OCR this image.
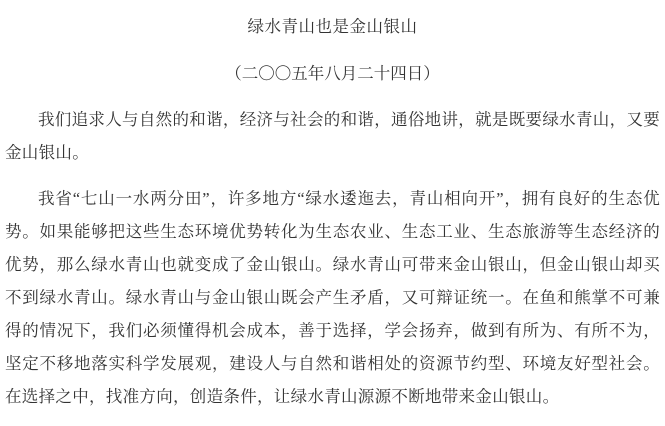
绿水青山也是金山银山
（二〇〇五年八月二十四日）

我们追求人与自然的和谐，经济与社会的和谐，通俗地讲，就是既要绿水青山，又要金山银山。

我省“七山一水两分田”，许多地方“绿水逶迤去，青山相向开”，拥有良好的生态优势。如果能够把这些生态环境优势转化为生态农业、生态工业、生态旅游等生态经济的优势，那么绿水青山也就变成了金山银山。绿水青山可带来金山银山，但金山银山却买不到绿水青山。绿水青山与金山银山既会产生矛盾，又可辩证统一。在鱼和熊掌不可兼得的情况下，我们必须懂得机会成本，善于选择，学会扬弃，做到有所为、有所不为，坚定不移地落实科学发展观，建设人与自然和谐相处的资源节约型、环境友好型社会。在选择之中，找准方向，创造条件，让绿水青山源源不断地带来金山银山。
